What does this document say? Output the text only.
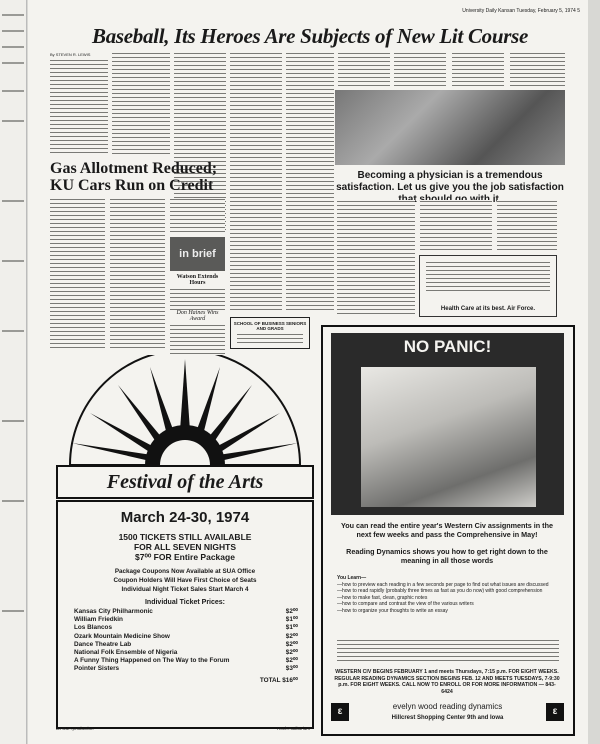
University Daily Kansan Tuesday, February 5, 1974 5
Baseball, Its Heroes Are Subjects of New Lit Course
By STEVEN R. LEWIS
Gas Allotment Reduced; KU Cars Run on Credit
in brief
Watson Extends Hours
Don Haines Wins Award
SCHOOL OF BUSINESS SENIORS AND GRADS
Becoming a physician is a tremendous satisfaction. Let us give you the job satisfaction
Health Care at its best. Air Force.
Festival of the Arts
March 24-30, 1974
1500 TICKETS STILL AVAILABLE
FOR ALL SEVEN NIGHTS
$7⁰⁰ FOR Entire Package
Package Coupons Now Available at SUA Office
Coupon Holders Will Have First Choice of Seats
Individual Night Ticket Sales Start March 4
Individual Ticket Prices:
Kansas City Philharmonic	$2⁰⁰
William Friedkin	$1⁰⁰
Los Blancos	$1⁰⁰
Ozark Mountain Medicine Show	$2⁰⁰
Dance Theatre Lab	$2⁰⁰
National Folk Ensemble of Nigeria	$2⁰⁰
A Funny Thing Happened on The Way to the Forum	$2⁰⁰
Pointer Sisters	$3⁰⁰
TOTAL $16⁰⁰
an SUA production	Hoch Auditorium
NO PANIC!
You can read the entire year's Western Civ assignments in the next few weeks and pass the Comprehensive in May!
Reading Dynamics shows you how to get right down to the meaning in all those words
You Learn—
—how to preview each reading in a few seconds per page to find out what issues are discussed
—how to read rapidly (probably three times as fast as you do now) with good comprehension
—how to make fast, clean, graphic notes
—how to compare and contrast the view of the various writers
—how to organize your thoughts to write an essay
WESTERN CIV BEGINS FEBRUARY 1 and meets Thursdays, 7:15 p.m. FOR EIGHT WEEKS. REGULAR READING DYNAMICS SECTION BEGINS FEB. 12 AND MEETS TUESDAYS, 7-9:30 p.m. FOR EIGHT WEEKS. CALL NOW TO ENROLL OR FOR MORE INFORMATION — 843-6424
ε	evelyn wood reading dynamics
Hillcrest Shopping Center 9th and Iowa
ε
